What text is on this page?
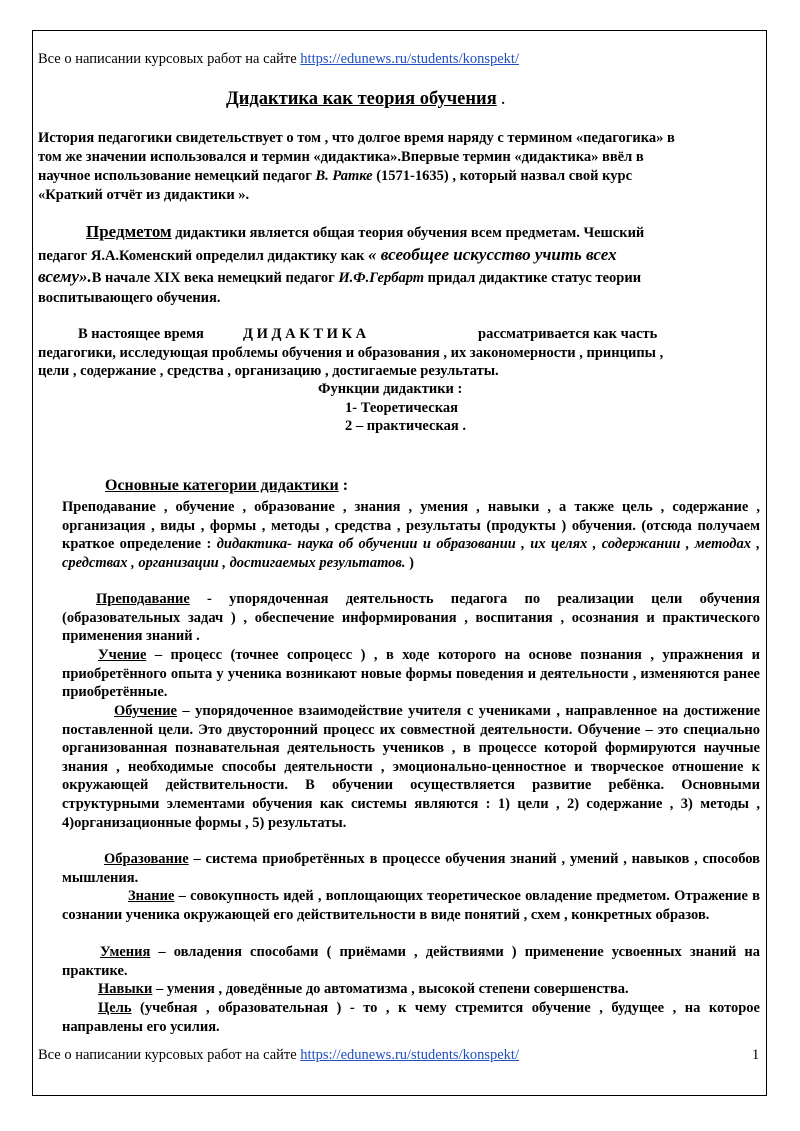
Все о написании курсовых работ на сайте https://edunews.ru/students/konspekt/
Дидактика как теория обучения .
История педагогики свидетельствует о том , что долгое время наряду с термином «педагогика» в
том же значении использовался и термин «дидактика».Впервые термин «дидактика» ввёл в
научное использование немецкий педагог В. Ратке (1571-1635) , который назвал свой курс
«Краткий отчёт из дидактики ».
Предметом дидактики является общая теория обучения всем предметам. Чешский
педагог Я.А.Коменский определил дидактику как « всеобщее искусство учить всех
всему».В начале XIX века немецкий педагог И.Ф.Гербарт придал дидактике статус теории
воспитывающего обучения.
В настоящее время	Д И Д А К Т И К А	рассматривается как часть
педагогики, исследующая проблемы обучения и образования , их закономерности , принципы ,
цели , содержание , средства , организацию , достигаемые результаты.
Функции дидактики :
1- Теоретическая
2 – практическая .
Основные категории дидактики :
Преподавание , обучение , образование , знания , умения , навыки , а также цель , содержание , организация , виды , формы , методы , средства , результаты (продукты ) обучения. (отсюда получаем краткое определение : дидактика- наука об обучении и образовании , их целях , содержании , методах , средствах , организации , достигаемых результатов. )
Преподавание - упорядоченная деятельность педагога по реализации цели обучения (образовательных задач ) , обеспечение информирования , воспитания , осознания и практического применения знаний .
Учение – процесс (точнее сопроцесс ) , в ходе которого на основе познания , упражнения и приобретённого опыта у ученика возникают новые формы поведения и деятельности , изменяются ранее приобретённые.
Обучение – упорядоченное взаимодействие учителя с учениками , направленное на достижение поставленной цели. Это двусторонний процесс их совместной деятельности. Обучение – это специально организованная познавательная деятельность учеников , в процессе которой формируются научные знания , необходимые способы деятельности , эмоционально-ценностное и творческое отношение к окружающей действительности. В обучении осуществляется развитие ребёнка. Основными структурными элементами обучения как системы являются : 1) цели , 2) содержание , 3) методы , 4)организационные формы , 5) результаты.
Образование – система приобретённых в процессе обучения знаний , умений , навыков , способов мышления.
Знание – совокупность идей , воплощающих теоретическое овладение предметом. Отражение в сознании ученика окружающей его действительности в виде понятий , схем , конкретных образов.
Умения – овладения способами ( приёмами , действиями ) применение усвоенных знаний на практике.
Навыки – умения , доведённые до автоматизма , высокой степени совершенства.
Цель (учебная , образовательная ) - то , к чему стремится обучение , будущее , на которое направлены его усилия.
Все о написании курсовых работ на сайте https://edunews.ru/students/konspekt/	1
